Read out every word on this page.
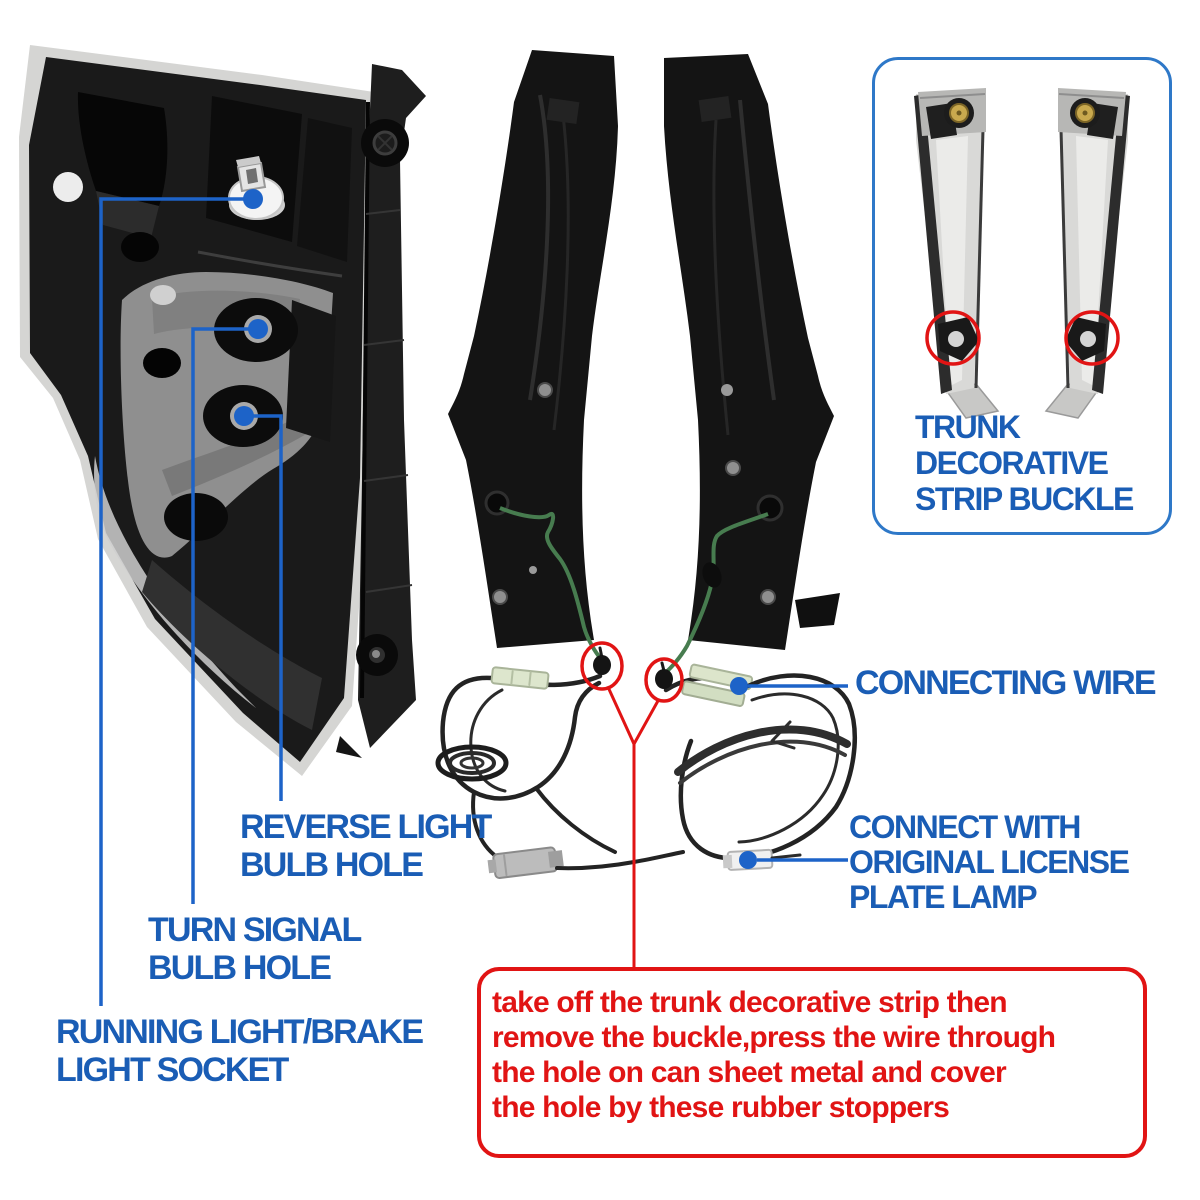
REVERSE LIGHT
BULB HOLE
TURN SIGNAL
BULB HOLE
RUNNING LIGHT/BRAKE
LIGHT SOCKET
CONNECTING WIRE
CONNECT WITH
ORIGINAL LICENSE
PLATE LAMP
TRUNK
DECORATIVE
STRIP BUCKLE
take off the trunk decorative strip then
remove the buckle,press the wire through
the hole on can sheet metal and cover
the hole by these rubber stoppers
